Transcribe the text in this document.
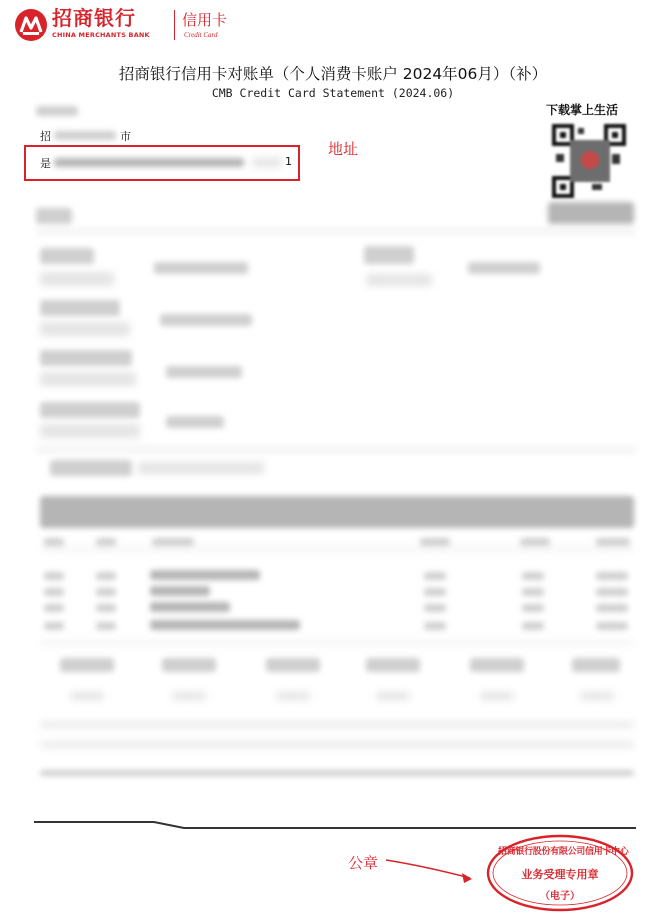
招商银行
CHINA MERCHANTS BANK
信用卡
Credit Card
招商银行信用卡对账单（个人消费卡账户 2024年06月）（补）
CMB Credit Card Statement (2024.06)
招	市
是	1
地址
下载掌上生活
公章
招商银行股份有限公司信用卡中心
业务受理专用章
（电子）
